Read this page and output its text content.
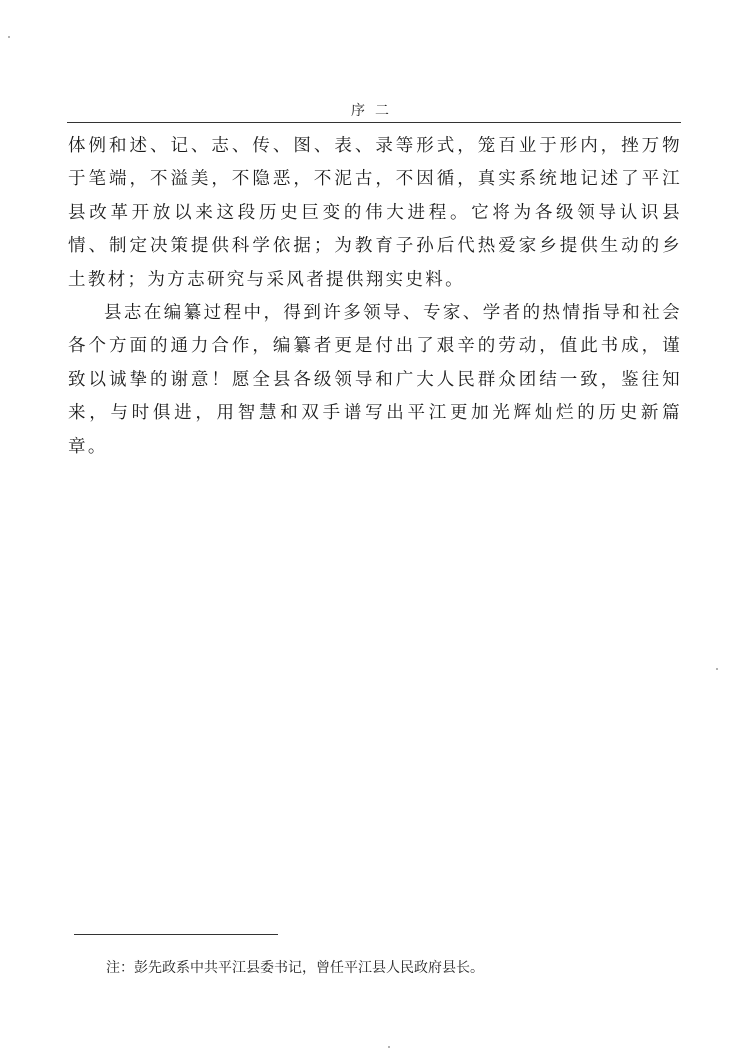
序二

体例和述、记、志、传、图、表、录等形式，笼百业于形内，挫万物于笔端，不溢美，不隐恶，不泥古，不因循，真实系统地记述了平江县改革开放以来这段历史巨变的伟大进程。它将为各级领导认识县情、制定决策提供科学依据；为教育子孙后代热爱家乡提供生动的乡土教材；为方志研究与采风者提供翔实史料。

县志在编纂过程中，得到许多领导、专家、学者的热情指导和社会各个方面的通力合作，编纂者更是付出了艰辛的劳动，值此书成，谨致以诚挚的谢意！愿全县各级领导和广大人民群众团结一致，鉴往知来，与时俱进，用智慧和双手谱写出平江更加光辉灿烂的历史新篇章。

注：彭先政系中共平江县委书记，曾任平江县人民政府县长。
